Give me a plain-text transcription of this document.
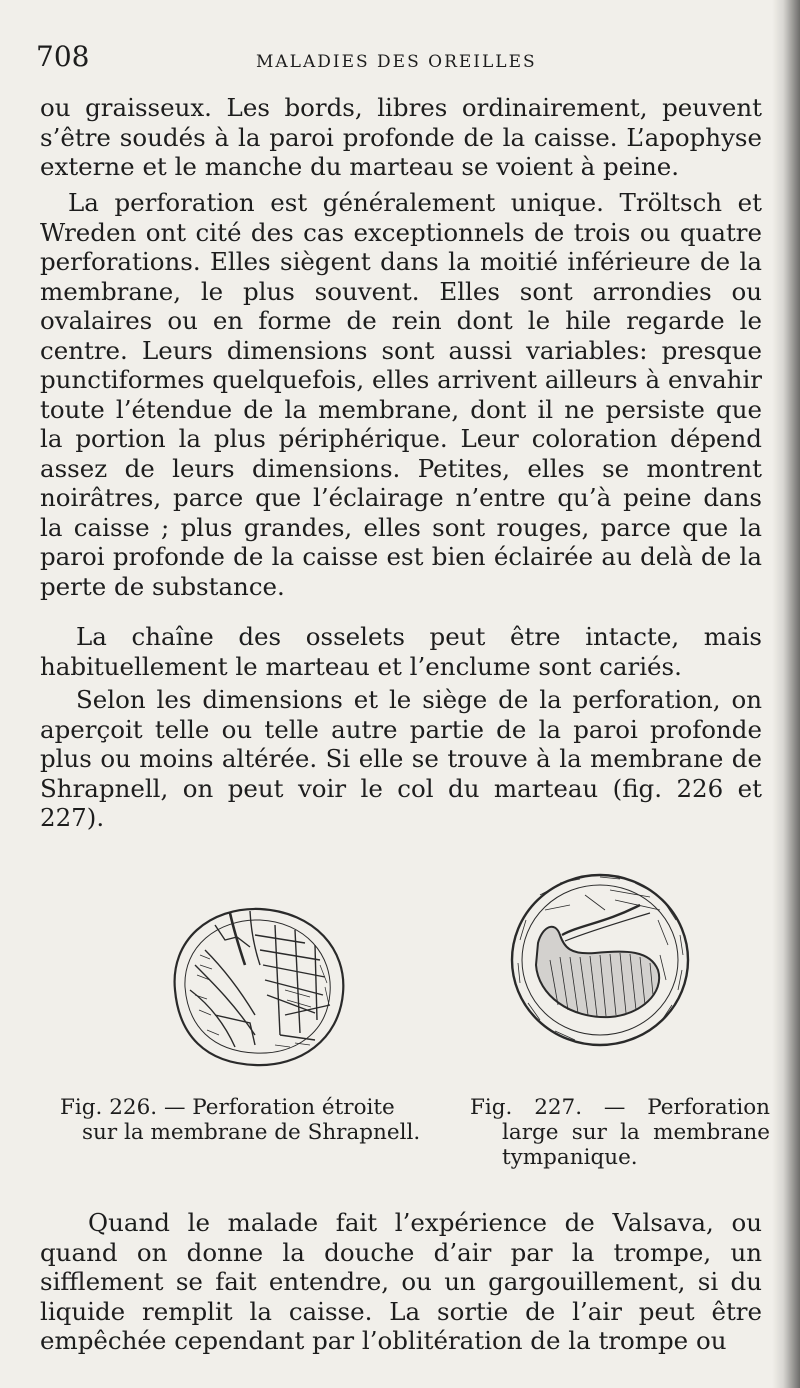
708	MALADIES DES OREILLES

ou graisseux. Les bords, libres ordinairement, peuvent s’être soudés à la paroi profonde de la caisse. L’apophyse externe et le manche du marteau se voient à peine.

La perforation est généralement unique. Tröltsch et Wreden ont cité des cas exceptionnels de trois ou quatre perforations. Elles siègent dans la moitié inférieure de la membrane, le plus souvent. Elles sont arrondies ou ovalaires ou en forme de rein dont le hile regarde le centre. Leurs dimensions sont aussi variables: presque punctiformes quelquefois, elles arrivent ailleurs à envahir toute l’étendue de la membrane, dont il ne persiste que la portion la plus périphérique. Leur coloration dépend assez de leurs dimensions. Petites, elles se montrent noirâtres, parce que l’éclairage n’entre qu’à peine dans la caisse ; plus grandes, elles sont rouges, parce que la paroi profonde de la caisse est bien éclairée au delà de la perte de substance.

La chaîne des osselets peut être intacte, mais habituellement le marteau et l’enclume sont cariés.

Selon les dimensions et le siège de la perforation, on aperçoit telle ou telle autre partie de la paroi profonde plus ou moins altérée. Si elle se trouve à la membrane de Shrapnell, on peut voir le col du marteau (fig. 226 et 227).

Fig. 226. — Perforation étroite
sur la membrane de Shrapnell.

Fig. 227. — Perforation
large sur la membrane tympanique.

Quand le malade fait l’expérience de Valsava, ou quand on donne la douche d’air par la trompe, un sifflement se fait entendre, ou un gargouillement, si du liquide remplit la caisse. La sortie de l’air peut être empêchée cependant par l’oblitération de la trompe ou
